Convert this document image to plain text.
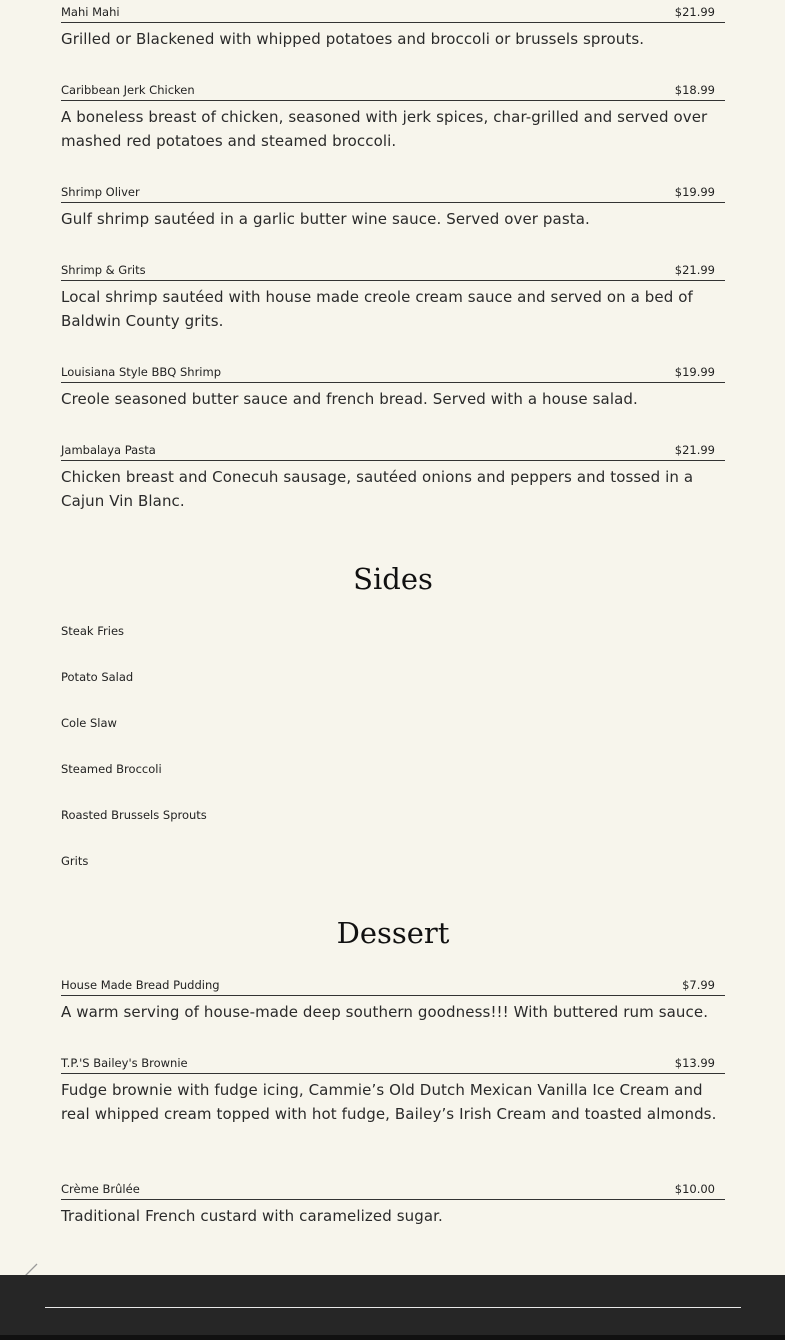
Mahi Mahi	$21.99
Grilled or Blackened with whipped potatoes and broccoli or brussels sprouts.
Caribbean Jerk Chicken	$18.99
A boneless breast of chicken, seasoned with jerk spices, char-grilled and served over mashed red potatoes and steamed broccoli.
Shrimp Oliver	$19.99
Gulf shrimp sautéed in a garlic butter wine sauce. Served over pasta.
Shrimp & Grits	$21.99
Local shrimp sautéed with house made creole cream sauce and served on a bed of Baldwin County grits.
Louisiana Style BBQ Shrimp	$19.99
Creole seasoned butter sauce and french bread. Served with a house salad.
Jambalaya Pasta	$21.99
Chicken breast and Conecuh sausage, sautéed onions and peppers and tossed in a Cajun Vin Blanc.
Sides
Steak Fries
Potato Salad
Cole Slaw
Steamed Broccoli
Roasted Brussels Sprouts
Grits
Dessert
House Made Bread Pudding	$7.99
A warm serving of house-made deep southern goodness!!! With buttered rum sauce.
T.P.'S Bailey's Brownie	$13.99
Fudge brownie with fudge icing, Cammie’s Old Dutch Mexican Vanilla Ice Cream and real whipped cream topped with hot fudge, Bailey’s Irish Cream and toasted almonds.
Crème Brûlée	$10.00
Traditional French custard with caramelized sugar.
